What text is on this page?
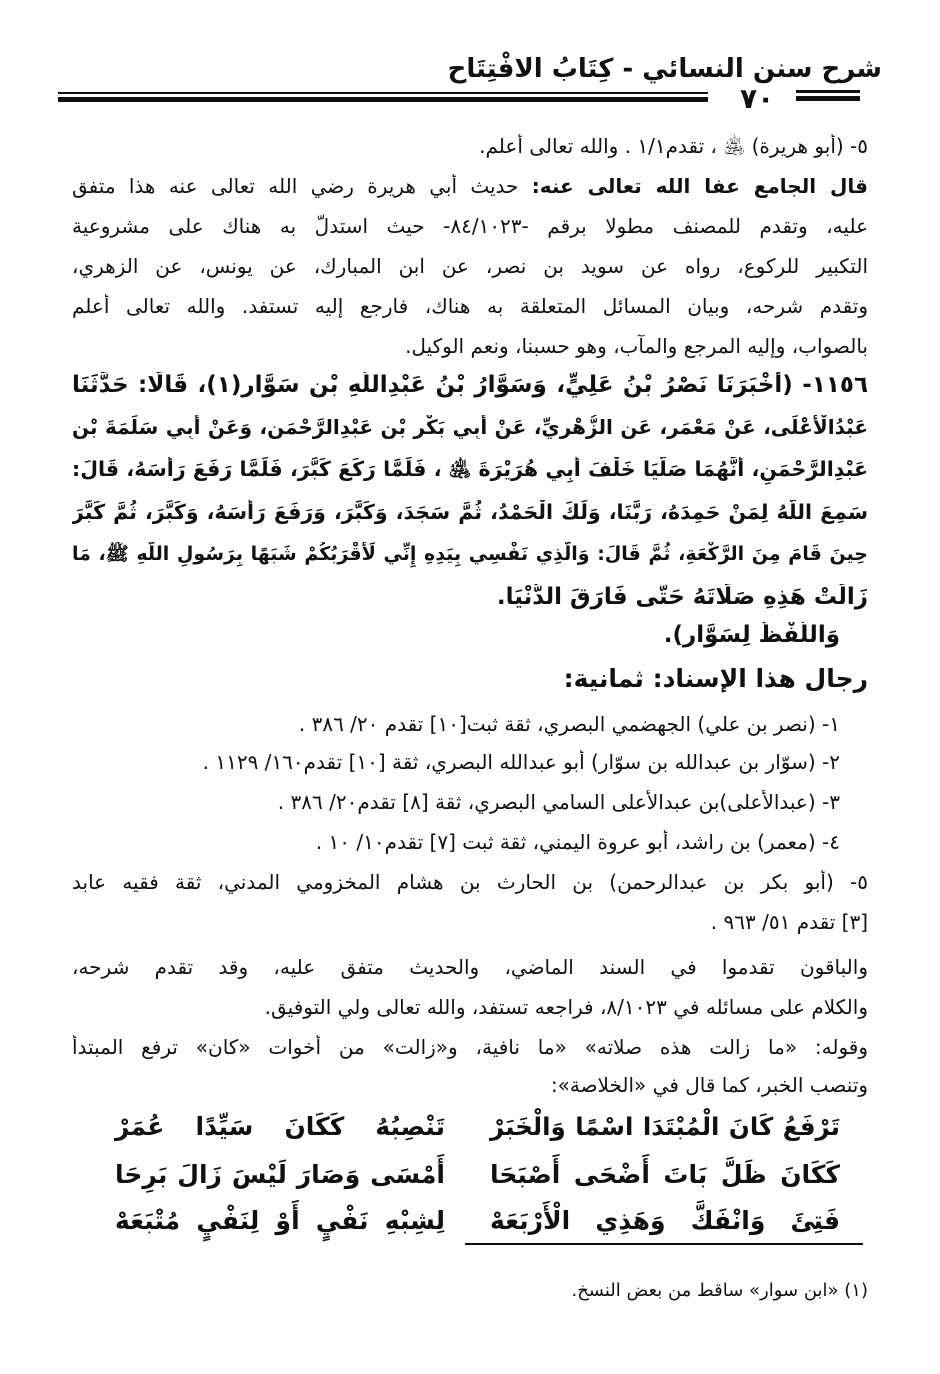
شرح سنن النسائي - كِتَابُ الافْتِتَاح
٧٠
٥- (أبو هريرة) ﵁ ، تقدم١/١ . والله تعالى أعلم.
قال الجامع عفا الله تعالى عنه: حديث أبي هريرة رضي الله تعالى عنه هذا متفق
عليه، وتقدم للمصنف مطولا برقم -٨٤/١٠٢٣- حيث استدلّ به هناك على مشروعية
التكبير للركوع، رواه عن سويد بن نصر، عن ابن المبارك، عن يونس، عن الزهري،
وتقدم شرحه، وبيان المسائل المتعلقة به هناك، فارجع إليه تستفد. والله تعالى أعلم
بالصواب، وإليه المرجع والمآب، وهو حسبنا، ونعم الوكيل.
١١٥٦- (أَخْبَرَنَا نَصْرُ بْنُ عَلِيٍّ، وَسَوَّارُ بْنُ عَبْدِاللَّهِ بْنِ سَوَّارٍ(١)، قَالَا: حَدَّثَنَا
عَبْدُالْأَعْلَى، عَنْ مَعْمَرٍ، عَنِ الزُّهْرِيِّ، عَنْ أَبِي بَكْرِ بْنِ عَبْدِالرَّحْمَنِ، وَعَنْ أَبِي سَلَمَةَ بْنِ
عَبْدِالرَّحْمَنِ، أَنَّهُمَا صَلَّيَا خَلْفَ أَبِي هُرَيْرَةَ ﵁ ، فَلَمَّا رَكَعَ كَبَّرَ، فَلَمَّا رَفَعَ رَأْسَهُ، قَالَ:
سَمِعَ اللَّهُ لِمَنْ حَمِدَهُ، رَبَّنَا، وَلَكَ الْحَمْدُ، ثُمَّ سَجَدَ، وَكَبَّرَ، وَرَفَعَ رَأْسَهُ، وَكَبَّرَ، ثُمَّ كَبَّرَ
حِينَ قَامَ مِنَ الرَّكْعَةِ، ثُمَّ قَالَ: وَالَّذِي نَفْسِي بِيَدِهِ إِنِّي لَأَقْرَبُكُمْ شَبَهًا بِرَسُولِ اللَّهِ ﷺ، مَا
زَالَتْ هَذِهِ صَلَاتَهُ حَتَّى فَارَقَ الدُّنْيَا.
وَاللَّفْظُ لِسَوَّارٍ).
رجال هذا الإسناد: ثمانية:
١- (نصر بن علي) الجهضمي البصري، ثقة ثبت[١٠] تقدم ٢٠/ ٣٨٦ .
٢- (سوّار بن عبدالله بن سوّار) أبو عبدالله البصري، ثقة [١٠] تقدم١٦٠/ ١١٢٩ .
٣- (عبدالأعلى)بن عبدالأعلى السامي البصري، ثقة [٨] تقدم٢٠/ ٣٨٦ .
٤- (معمر) بن راشد، أبو عروة اليمني، ثقة ثبت [٧] تقدم١٠/ ١٠ .
٥- (أبو بكر بن عبدالرحمن) بن الحارث بن هشام المخزومي المدني، ثقة فقيه عابد
[٣] تقدم ٥١/ ٩٦٣ .
والباقون تقدموا في السند الماضي، والحديث متفق عليه، وقد تقدم شرحه،
والكلام على مسائله في ٨/١٠٢٣، فراجعه تستفد، والله تعالى ولي التوفيق.
وقوله: «ما زالت هذه صلاته» «ما نافية، و«زالت» من أخوات «كان» ترفع المبتدأ
وتنصب الخبر، كما قال في «الخلاصة»:
تَرْفَعُ كَانَ الْمُبْتَدَا اسْمًا وَالْخَبَرْ
تَنْصِبُهُ كَكَانَ سَيِّدًا عُمَرْ
كَكَانَ ظَلَّ بَاتَ أَضْحَى أَصْبَحَا
أَمْسَى وَصَارَ لَيْسَ زَالَ بَرِحَا
فَتِئَ وَانْفَكَّ وَهَذِي الْأَرْبَعَهْ
لِشِبْهِ نَفْيٍ أَوْ لِنَفْيٍ مُتْبَعَهْ
(١) «ابن سوار» ساقط من بعض النسخ.
